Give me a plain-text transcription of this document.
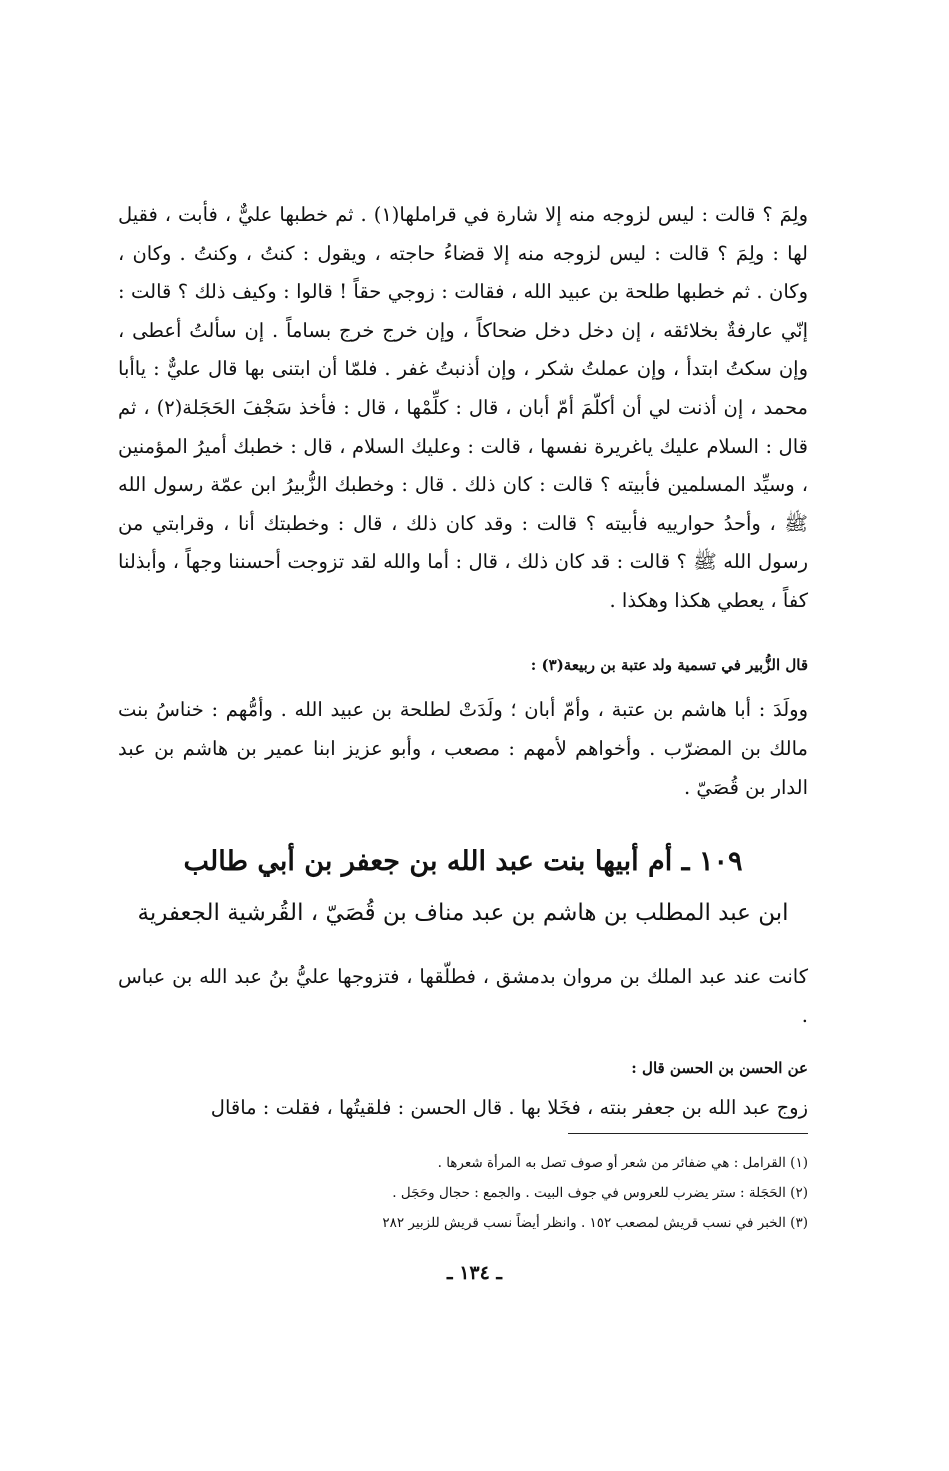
ولِمَ ؟ قالت : ليس لزوجه منه إلا شارة في قراملها(١) . ثم خطبها عليٌّ ، فأبت ، فقيل لها : ولِمَ ؟ قالت : ليس لزوجه منه إلا قضاءُ حاجته ، ويقول : كنتُ ، وكنتُ . وكان ، وكان . ثم خطبها طلحة بن عبيد الله ، فقالت : زوجي حقاً ! قالوا : وكيف ذلك ؟ قالت : إنّي عارفةٌ بخلائقه ، إن دخل دخل ضحاكاً ، وإن خرج خرج بساماً . إن سألتُ أعطى ، وإن سكتُ ابتدأ ، وإن عملتُ شكر ، وإن أذنبتُ غفر . فلمّا أن ابتنى بها قال عليٌّ : ياأبا محمد ، إن أذنت لي أن أكلّمَ أمّ أبان ، قال : كلِّمْها ، قال : فأخذ سَجْفَ الحَجَلة(٢) ، ثم قال : السلام عليك ياغريرة نفسها ، قالت : وعليك السلام ، قال : خطبك أميرُ المؤمنين ، وسيِّد المسلمين فأبيته ؟ قالت : كان ذلك . قال : وخطبك الزُّبيرُ ابن عمّة رسول الله ﷺ ، وأحدُ حوارييه فأبيته ؟ قالت : وقد كان ذلك ، قال : وخطبتك أنا ، وقرابتي من رسول الله ﷺ ؟ قالت : قد كان ذلك ، قال : أما والله لقد تزوجت أحسننا وجهاً ، وأبذلنا كفاً ، يعطي هكذا وهكذا .

قال الزُّبير في تسمية ولد عتبة بن ربيعة(٣) :

وولَدَ : أبا هاشم بن عتبة ، وأمّ أبان ؛ ولَدَتْ لطلحة بن عبيد الله . وأمُّهم : خناسُ بنت مالك بن المضرّب . وأخواهم لأمهم : مصعب ، وأبو عزيز ابنا عمير بن هاشم بن عبد الدار بن قُصَيّ .

١٠٩ ـ أم أبيها بنت عبد الله بن جعفر بن أبي طالب
ابن عبد المطلب بن هاشم بن عبد مناف بن قُصَيّ ، القُرشية الجعفرية

كانت عند عبد الملك بن مروان بدمشق ، فطلّقها ، فتزوجها عليُّ بنُ عبد الله بن عباس .

عن الحسن بن الحسن قال :

زوج عبد الله بن جعفر بنته ، فخَلا بها . قال الحسن : فلقيتُها ، فقلت : ماقال

(١) القرامل : هي ضفائر من شعر أو صوف تصل به المرأة شعرها .
(٢) الحَجَلة : ستر يضرب للعروس في جوف البيت . والجمع : حجال وحَجَل .
(٣) الخبر في نسب قريش لمصعب ١٥٢ . وانظر أيضاً نسب قريش للزبير ٢٨٢
ـ ١٣٤ ـ
